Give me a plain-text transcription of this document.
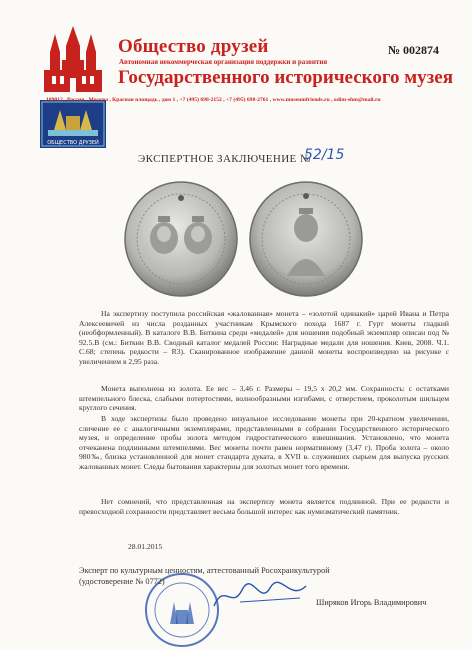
ОБЩЕСТВО ДРУЗЕЙ
Общество друзей
Автономная некоммерческая организация поддержки и развития
Государственного исторического музея
№ 002874
109012 , Россия , Москва , Красная площадь , дом 1 , +7 (495) 698-2152 , +7 (495) 698-2761 , www.museumfriends.ru , odim-shm@mail.ru
ЭКСПЕРТНОЕ ЗАКЛЮЧЕНИЕ №
52/15

На экспертизу поступила российская «жалованная» монета – «золотой одинакий» царей Ивана и Петра Алексеевичей из числа розданных участникам Крымского похода 1687 г. Гурт монеты гладкий (необформленный). В каталоге В.В. Биткина среди «медалей» для ношения подобный экземпляр описан под № 92.5.В (см.: Биткин В.В. Сводный каталог медалей России: Наградные медали для ношения. Киев, 2008. Ч.1. С.68; степень редкости – R3). Сканированное изображение данной монеты воспроизведено на рисунке с увеличением в 2,95 раза.

Монета выполнена из золота. Ее вес – 3,46 г. Размеры – 19,5 х 20,2 мм. Сохранность: с остатками штемпельного блеска, слабыми потертостями, волнообразными изгибами, с отверстием, проколотым шильцем круглого сечения.

В ходе экспертизы было проведено визуальное исследование монеты при 20-кратном увеличении, сличение ее с аналогичными экземплярами, представленными в собрании Государственного исторического музея, и определение пробы золота методом гидростатического взвешивания. Установлено, что монета отчеканена подлинными штемпелями. Вес монеты почти равен нормативному (3,47 г). Проба золота – около 980‰, близка установленной для монет стандарта дуката, в XVII в. служивших сырьем для выпуска русских жалованных монет. Следы бытования характерны для золотых монет того времени.

Нет сомнений, что представленная на экспертизу монета является подлинной. При ее редкости и превосходной сохранности представляет весьма большой интерес как нумизматический памятник.

28.01.2015
Эксперт по культурным ценностям, аттестованный Росохранкультурой
(удостоверение № 0772)
Ширяков Игорь Владимирович
